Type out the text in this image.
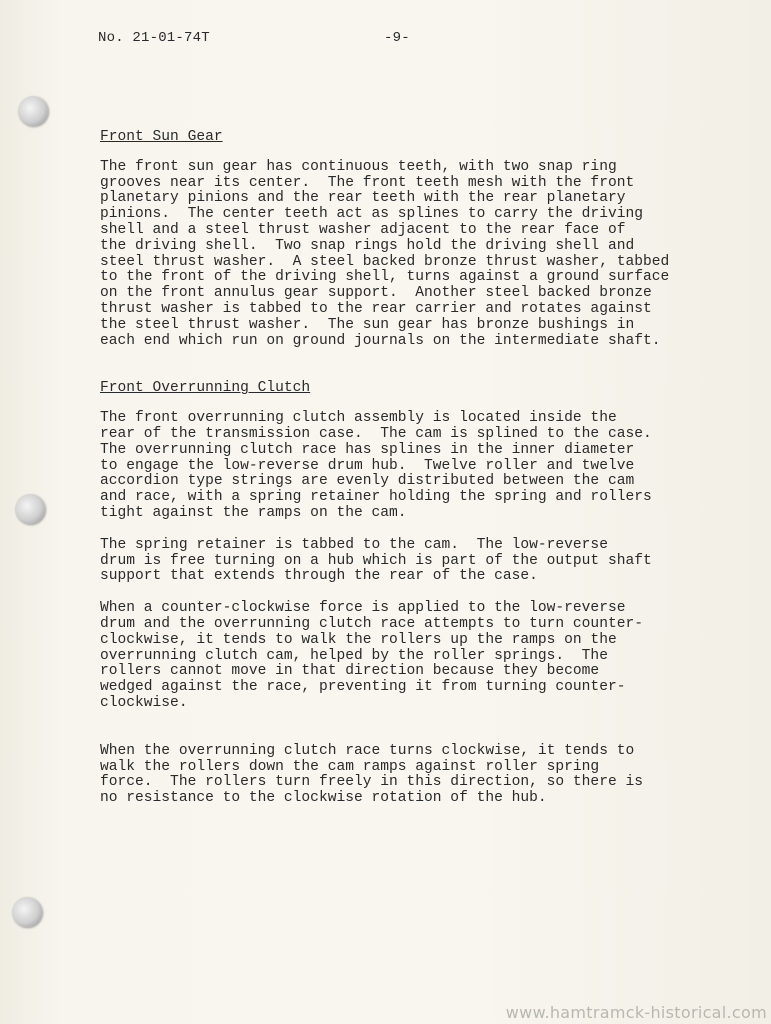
No. 21-01-74T	-9-
Front Sun Gear

The front sun gear has continuous teeth, with two snap ring
grooves near its center.  The front teeth mesh with the front
planetary pinions and the rear teeth with the rear planetary
pinions.  The center teeth act as splines to carry the driving
shell and a steel thrust washer adjacent to the rear face of
the driving shell.  Two snap rings hold the driving shell and
steel thrust washer.  A steel backed bronze thrust washer, tabbed
to the front of the driving shell, turns against a ground surface
on the front annulus gear support.  Another steel backed bronze
thrust washer is tabbed to the rear carrier and rotates against
the steel thrust washer.  The sun gear has bronze bushings in
each end which run on ground journals on the intermediate shaft.

Front Overrunning Clutch

The front overrunning clutch assembly is located inside the
rear of the transmission case.  The cam is splined to the case.
The overrunning clutch race has splines in the inner diameter
to engage the low-reverse drum hub.  Twelve roller and twelve
accordion type strings are evenly distributed between the cam
and race, with a spring retainer holding the spring and rollers
tight against the ramps on the cam.

The spring retainer is tabbed to the cam.  The low-reverse
drum is free turning on a hub which is part of the output shaft
support that extends through the rear of the case.

When a counter-clockwise force is applied to the low-reverse
drum and the overrunning clutch race attempts to turn counter-
clockwise, it tends to walk the rollers up the ramps on the
overrunning clutch cam, helped by the roller springs.  The
rollers cannot move in that direction because they become
wedged against the race, preventing it from turning counter-
clockwise.

When the overrunning clutch race turns clockwise, it tends to
walk the rollers down the cam ramps against roller spring
force.  The rollers turn freely in this direction, so there is
no resistance to the clockwise rotation of the hub.

www.hamtramck-historical.com
